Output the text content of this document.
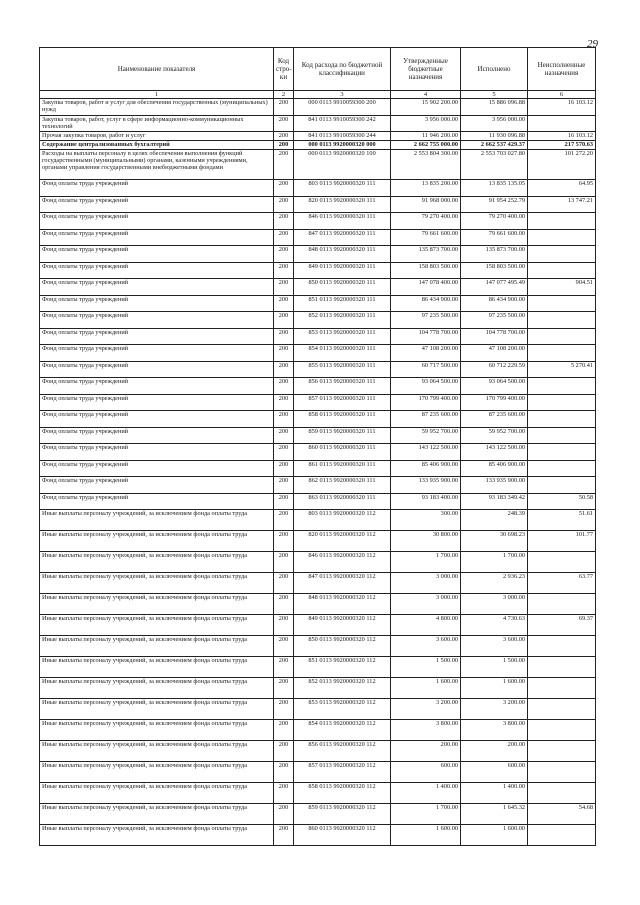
29
Наименование показателя	Код стро-ки	Код расхода по бюджетной классификации	Утвержденные бюджетные назначения	Исполнено	Неисполненные назначения
1	2	3	4	5	6
Закупка товаров, работ и услуг для обеспечения государственных (муниципальных) нужд	200	000 0113 9910059300 200	15 902 200.00	15 886 096.88	16 103.12
Закупка товаров, работ, услуг в сфере информационно-коммуникационных технологий	200	841 0113 9910059300 242	3 956 000.00	3 956 000.00	
Прочая закупка товаров, работ и услуг	200	841 0113 9910059300 244	11 946 200.00	11 930 096.88	16 103.12
Содержание централизованных бухгалтерий	200	000 0113 9920000320 000	2 662 755 000.00	2 662 537 429.37	217 570.63
Расходы на выплаты персоналу в целях обеспечения выполнения функций государственными (муниципальными) органами, казенными учреждениями, органами управления государственными внебюджетными фондами	200	000 0113 9920000320 100	2 553 804 300.00	2 553 703 027.80	101 272.20
Фонд оплаты труда учреждений	200	803 0113 9920000320 111	13 835 200.00	13 835 135.05	64.95
Фонд оплаты труда учреждений	200	820 0113 9920000320 111	91 968 000.00	91 954 252.79	13 747.21
Фонд оплаты труда учреждений	200	846 0113 9920000320 111	79 270 400.00	79 270 400.00	
Фонд оплаты труда учреждений	200	847 0113 9920000320 111	79 661 600.00	79 661 600.00	
Фонд оплаты труда учреждений	200	848 0113 9920000320 111	135 873 700.00	135 873 700.00	
Фонд оплаты труда учреждений	200	849 0113 9920000320 111	158 803 500.00	158 803 500.00	
Фонд оплаты труда учреждений	200	850 0113 9920000320 111	147 078 400.00	147 077 495.49	904.51
Фонд оплаты труда учреждений	200	851 0113 9920000320 111	86 434 900.00	86 434 900.00	
Фонд оплаты труда учреждений	200	852 0113 9920000320 111	97 235 500.00	97 235 500.00	
Фонд оплаты труда учреждений	200	853 0113 9920000320 111	104 778 700.00	104 778 700.00	
Фонд оплаты труда учреждений	200	854 0113 9920000320 111	47 108 200.00	47 108 200.00	
Фонд оплаты труда учреждений	200	855 0113 9920000320 111	60 717 500.00	60 712 229.59	5 270.41
Фонд оплаты труда учреждений	200	856 0113 9920000320 111	93 064 500.00	93 064 500.00	
Фонд оплаты труда учреждений	200	857 0113 9920000320 111	170 799 400.00	170 799 400.00	
Фонд оплаты труда учреждений	200	858 0113 9920000320 111	87 235 600.00	87 235 600.00	
Фонд оплаты труда учреждений	200	859 0113 9920000320 111	59 952 700.00	59 952 700.00	
Фонд оплаты труда учреждений	200	860 0113 9920000320 111	143 122 500.00	143 122 500.00	
Фонд оплаты труда учреждений	200	861 0113 9920000320 111	85 406 900.00	85 406 900.00	
Фонд оплаты труда учреждений	200	862 0113 9920000320 111	133 935 900.00	133 935 900.00	
Фонд оплаты труда учреждений	200	863 0113 9920000320 111	93 183 400.00	93 183 349.42	50.58
Иные выплаты персоналу учреждений, за исключением фонда оплаты труда	200	803 0113 9920000320 112	300.00	248.39	51.61
Иные выплаты персоналу учреждений, за исключением фонда оплаты труда	200	820 0113 9920000320 112	30 800.00	30 698.23	101.77
Иные выплаты персоналу учреждений, за исключением фонда оплаты труда	200	846 0113 9920000320 112	1 700.00	1 700.00	
Иные выплаты персоналу учреждений, за исключением фонда оплаты труда	200	847 0113 9920000320 112	3 000.00	2 936.23	63.77
Иные выплаты персоналу учреждений, за исключением фонда оплаты труда	200	848 0113 9920000320 112	3 000.00	3 000.00	
Иные выплаты персоналу учреждений, за исключением фонда оплаты труда	200	849 0113 9920000320 112	4 800.00	4 730.63	69.37
Иные выплаты персоналу учреждений, за исключением фонда оплаты труда	200	850 0113 9920000320 112	3 600.00	3 600.00	
Иные выплаты персоналу учреждений, за исключением фонда оплаты труда	200	851 0113 9920000320 112	1 500.00	1 500.00	
Иные выплаты персоналу учреждений, за исключением фонда оплаты труда	200	852 0113 9920000320 112	1 600.00	1 600.00	
Иные выплаты персоналу учреждений, за исключением фонда оплаты труда	200	853 0113 9920000320 112	3 200.00	3 200.00	
Иные выплаты персоналу учреждений, за исключением фонда оплаты труда	200	854 0113 9920000320 112	3 800.00	3 800.00	
Иные выплаты персоналу учреждений, за исключением фонда оплаты труда	200	856 0113 9920000320 112	200.00	200.00	
Иные выплаты персоналу учреждений, за исключением фонда оплаты труда	200	857 0113 9920000320 112	600.00	600.00	
Иные выплаты персоналу учреждений, за исключением фонда оплаты труда	200	858 0113 9920000320 112	1 400.00	1 400.00	
Иные выплаты персоналу учреждений, за исключением фонда оплаты труда	200	859 0113 9920000320 112	1 700.00	1 645.32	54.68
Иные выплаты персоналу учреждений, за исключением фонда оплаты труда	200	860 0113 9920000320 112	1 600.00	1 600.00	
